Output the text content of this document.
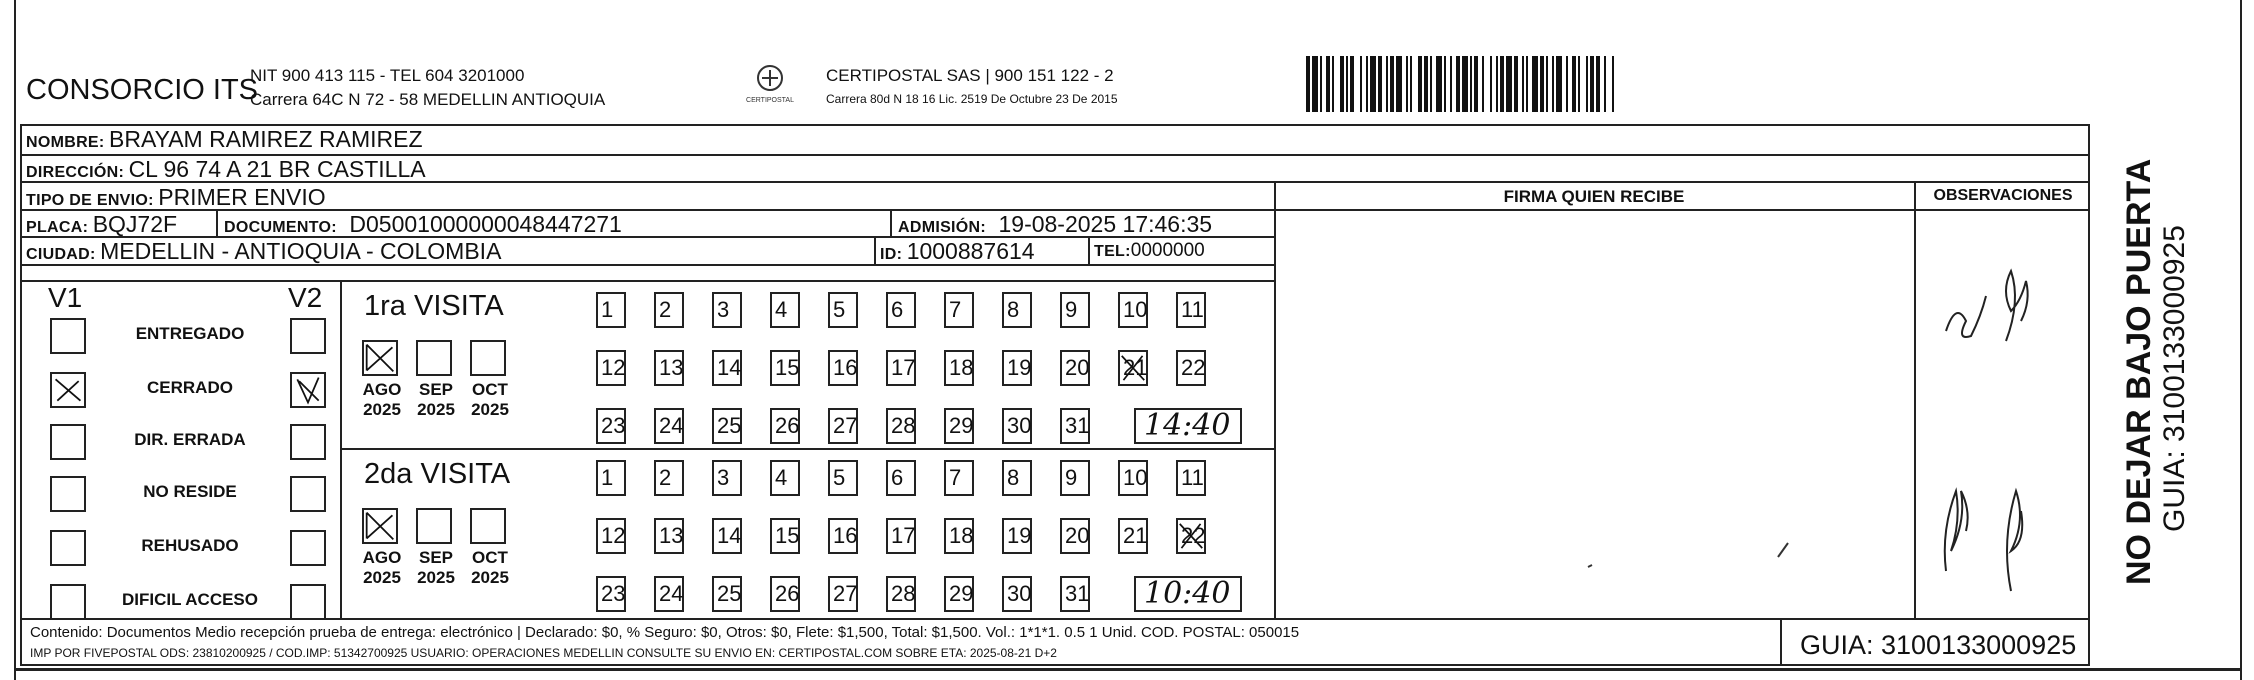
CONSORCIO ITS
NIT 900 413 115 - TEL 604 3201000
Carrera 64C N 72 - 58 MEDELLIN ANTIOQUIA	CERTIPOSTAL
CERTIPOSTAL SAS | 900 151 122 - 2
Carrera 80d N 18 16 Lic. 2519 De Octubre 23 De 2015
NOMBRE: BRAYAM RAMIREZ RAMIREZ
DIRECCIÓN: CL 96 74 A 21 BR CASTILLA
TIPO DE ENVIO: PRIMER ENVIO
PLACA: BQJ72F	DOCUMENTO: D05001000000048447271	ADMISIÓN: 19-08-2025 17:46:35
CIUDAD: MEDELLIN - ANTIOQUIA - COLOMBIA	ID: 1000887614	TEL:0000000
FIRMA QUIEN RECIBE	OBSERVACIONES
V1	V2
ENTREGADO
CERRADO
DIR. ERRADA
NO RESIDE
REHUSADO
DIFICIL ACCESO
1ra VISITA
2da VISITA
AGO
2025
SEP
2025
OCT
2025
1	2	3	4	5	6	7	8	9	10 11
12 13 14 15 16 17 18 19 20 21 22
23 24 25 26 27 28 29 30 31 14:40
AGO
2025
SEP
2025
OCT
2025
1	2	3	4	5	6	7	8	9	10 11
12 13 14 15 16 17 18 19 20 21 22
23 24 25 26 27 28 29 30 31 10:40
Contenido: Documentos Medio recepción prueba de entrega: electrónico | Declarado: $0, % Seguro: $0, Otros: $0, Flete: $1,500, Total: $1,500. Vol.: 1*1*1. 0.5 1 Unid. COD. POSTAL: 050015
IMP POR FIVEPOSTAL ODS: 23810200925 / COD.IMP: 51342700925 USUARIO: OPERACIONES MEDELLIN CONSULTE SU ENVIO EN: CERTIPOSTAL.COM SOBRE ETA: 2025-08-21 D+2	GUIA: 3100133000925
NO DEJAR BAJO PUERTA GUIA: 3100133000925
